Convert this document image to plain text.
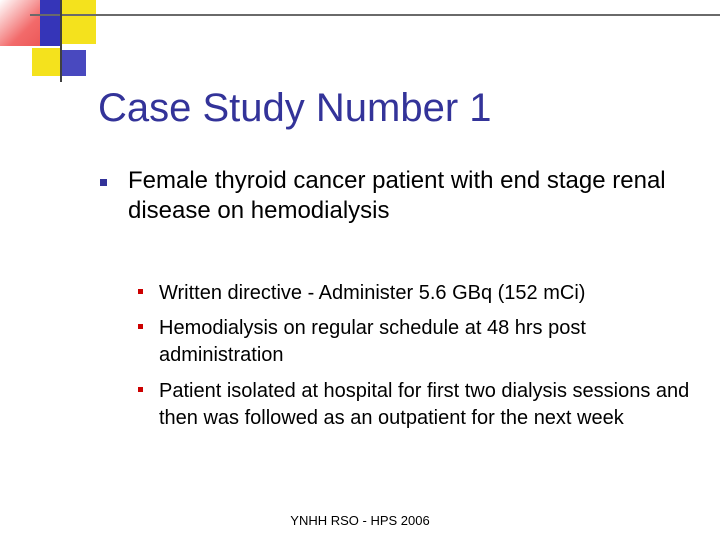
Case Study Number 1
Female thyroid cancer patient with end stage renal disease on hemodialysis
Written directive - Administer 5.6 GBq (152 mCi)
Hemodialysis on regular schedule at 48 hrs post administration
Patient isolated at hospital for first two dialysis sessions and then was followed as an outpatient for the next week
YNHH RSO - HPS 2006
